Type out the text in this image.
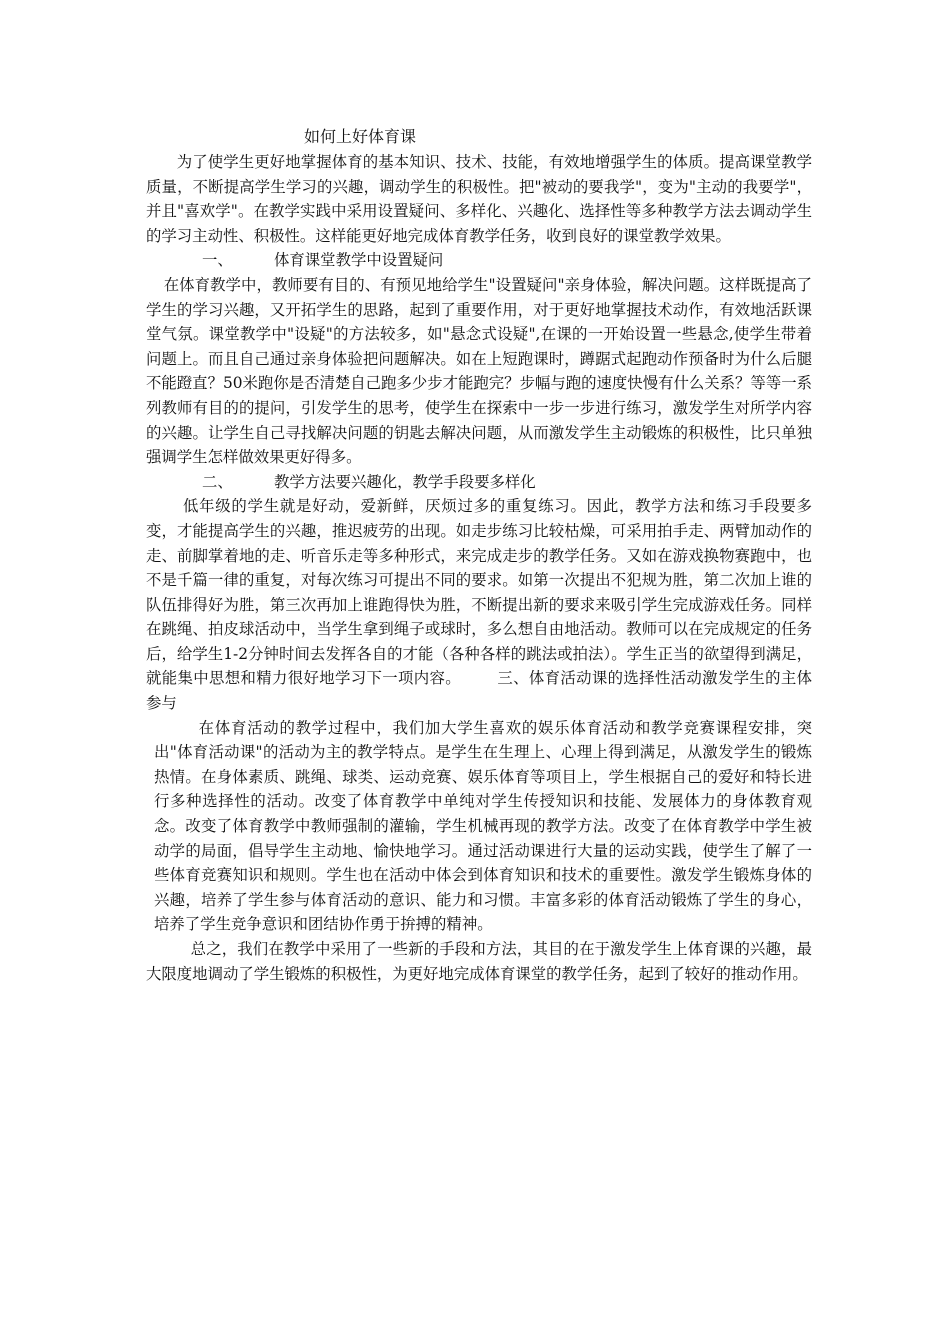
如何上好体育课

为了使学生更好地掌握体育的基本知识、技术、技能，有效地增强学生的体质。提高课堂教学质量，不断提高学生学习的兴趣，调动学生的积极性。把"被动的要我学"，变为"主动的我要学"，并且"喜欢学"。在教学实践中采用设置疑问、多样化、兴趣化、选择性等多种教学方法去调动学生的学习主动性、积极性。这样能更好地完成体育教学任务，收到良好的课堂教学效果。

一、	体育课堂教学中设置疑问

在体育教学中，教师要有目的、有预见地给学生"设置疑问"亲身体验，解决问题。这样既提高了学生的学习兴趣，又开拓学生的思路，起到了重要作用，对于更好地掌握技术动作，有效地活跃课堂气氛。课堂教学中"设疑"的方法较多，如"悬念式设疑",在课的一开始设置一些悬念,使学生带着问题上。而且自己通过亲身体验把问题解决。如在上短跑课时，蹲踞式起跑动作预备时为什么后腿不能蹬直？50米跑你是否清楚自己跑多少步才能跑完？步幅与跑的速度快慢有什么关系？等等一系列教师有目的的提问，引发学生的思考，使学生在探索中一步一步进行练习，激发学生对所学内容的兴趣。让学生自己寻找解决问题的钥匙去解决问题，从而激发学生主动锻炼的积极性，比只单独强调学生怎样做效果更好得多。

二、	教学方法要兴趣化，教学手段要多样化

低年级的学生就是好动，爱新鲜，厌烦过多的重复练习。因此，教学方法和练习手段要多变，才能提高学生的兴趣，推迟疲劳的出现。如走步练习比较枯燥，可采用拍手走、两臂加动作的走、前脚掌着地的走、听音乐走等多种形式，来完成走步的教学任务。又如在游戏换物赛跑中，也不是千篇一律的重复，对每次练习可提出不同的要求。如第一次提出不犯规为胜，第二次加上谁的队伍排得好为胜，第三次再加上谁跑得快为胜，不断提出新的要求来吸引学生完成游戏任务。同样在跳绳、拍皮球活动中，当学生拿到绳子或球时，多么想自由地活动。教师可以在完成规定的任务后，给学生1-2分钟时间去发挥各自的才能（各种各样的跳法或拍法）。学生正当的欲望得到满足，就能集中思想和精力很好地学习下一项内容。 三、体育活动课的选择性活动激发学生的主体参与

在体育活动的教学过程中，我们加大学生喜欢的娱乐体育活动和教学竞赛课程安排，突出"体育活动课"的活动为主的教学特点。是学生在生理上、心理上得到满足，从激发学生的锻炼热情。在身体素质、跳绳、球类、运动竞赛、娱乐体育等项目上，学生根据自己的爱好和特长进行多种选择性的活动。改变了体育教学中单纯对学生传授知识和技能、发展体力的身体教育观念。改变了体育教学中教师强制的灌输，学生机械再现的教学方法。改变了在体育教学中学生被动学的局面，倡导学生主动地、愉快地学习。通过活动课进行大量的运动实践，使学生了解了一些体育竞赛知识和规则。学生也在活动中体会到体育知识和技术的重要性。激发学生锻炼身体的兴趣，培养了学生参与体育活动的意识、能力和习惯。丰富多彩的体育活动锻炼了学生的身心，培养了学生竞争意识和团结协作勇于拚搏的精神。

总之，我们在教学中采用了一些新的手段和方法，其目的在于激发学生上体育课的兴趣，最大限度地调动了学生锻炼的积极性，为更好地完成体育课堂的教学任务，起到了较好的推动作用。
